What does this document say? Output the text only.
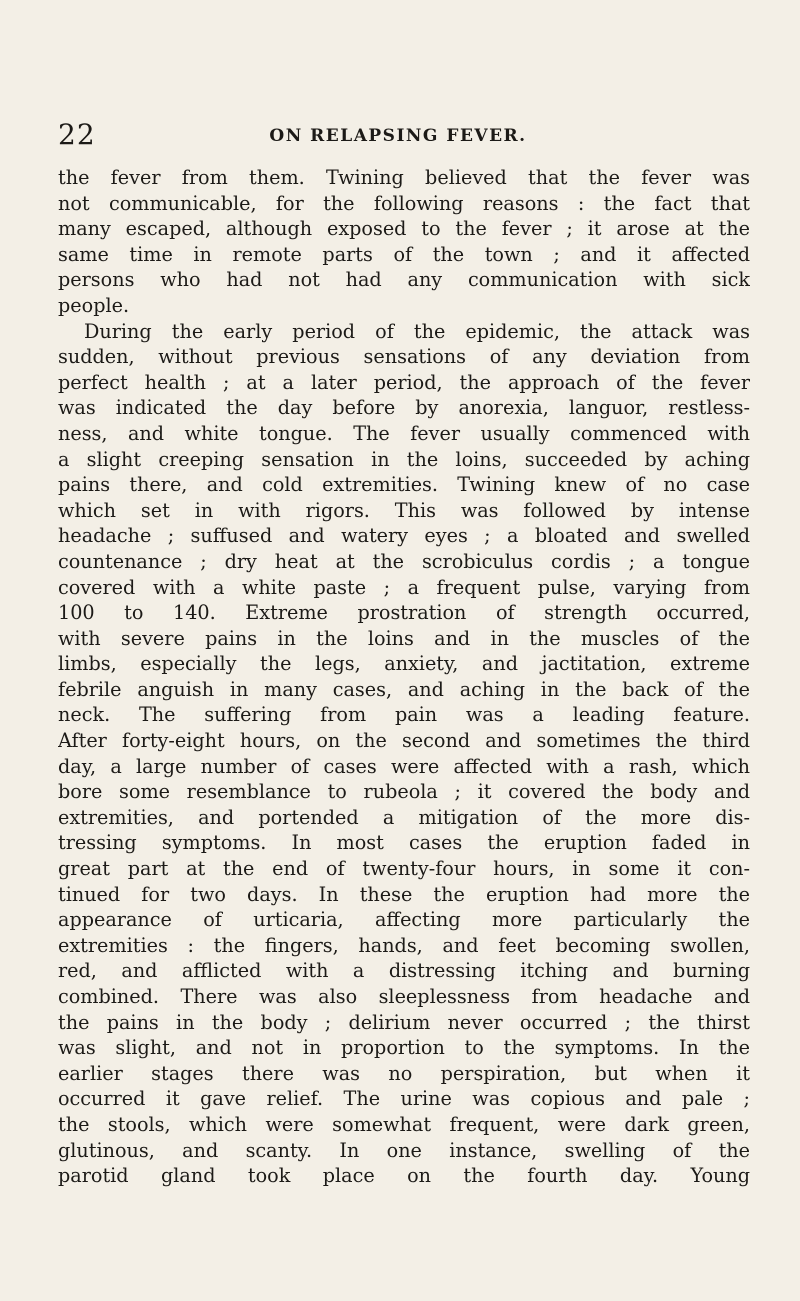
22	ON RELAPSING FEVER.
the fever from them. Twining believed that the fever was
not communicable, for the following reasons : the fact that
many escaped, although exposed to the fever ; it arose at the
same time in remote parts of the town ; and it affected
persons who had not had any communication with sick
people.
During the early period of the epidemic, the attack was
sudden, without previous sensations of any deviation from
perfect health ; at a later period, the approach of the fever
was indicated the day before by anorexia, languor, restless-
ness, and white tongue. The fever usually commenced with
a slight creeping sensation in the loins, succeeded by aching
pains there, and cold extremities. Twining knew of no case
which set in with rigors. This was followed by intense
headache ; suffused and watery eyes ; a bloated and swelled
countenance ; dry heat at the scrobiculus cordis ; a tongue
covered with a white paste ; a frequent pulse, varying from
100 to 140. Extreme prostration of strength occurred,
with severe pains in the loins and in the muscles of the
limbs, especially the legs, anxiety, and jactitation, extreme
febrile anguish in many cases, and aching in the back of the
neck. The suffering from pain was a leading feature.
After forty-eight hours, on the second and sometimes the third
day, a large number of cases were affected with a rash, which
bore some resemblance to rubeola ; it covered the body and
extremities, and portended a mitigation of the more dis-
tressing symptoms. In most cases the eruption faded in
great part at the end of twenty-four hours, in some it con-
tinued for two days. In these the eruption had more the
appearance of urticaria, affecting more particularly the
extremities : the fingers, hands, and feet becoming swollen,
red, and afflicted with a distressing itching and burning
combined. There was also sleeplessness from headache and
the pains in the body ; delirium never occurred ; the thirst
was slight, and not in proportion to the symptoms. In the
earlier stages there was no perspiration, but when it
occurred it gave relief. The urine was copious and pale ;
the stools, which were somewhat frequent, were dark green,
glutinous, and scanty. In one instance, swelling of the
parotid gland took place on the fourth day. Young
